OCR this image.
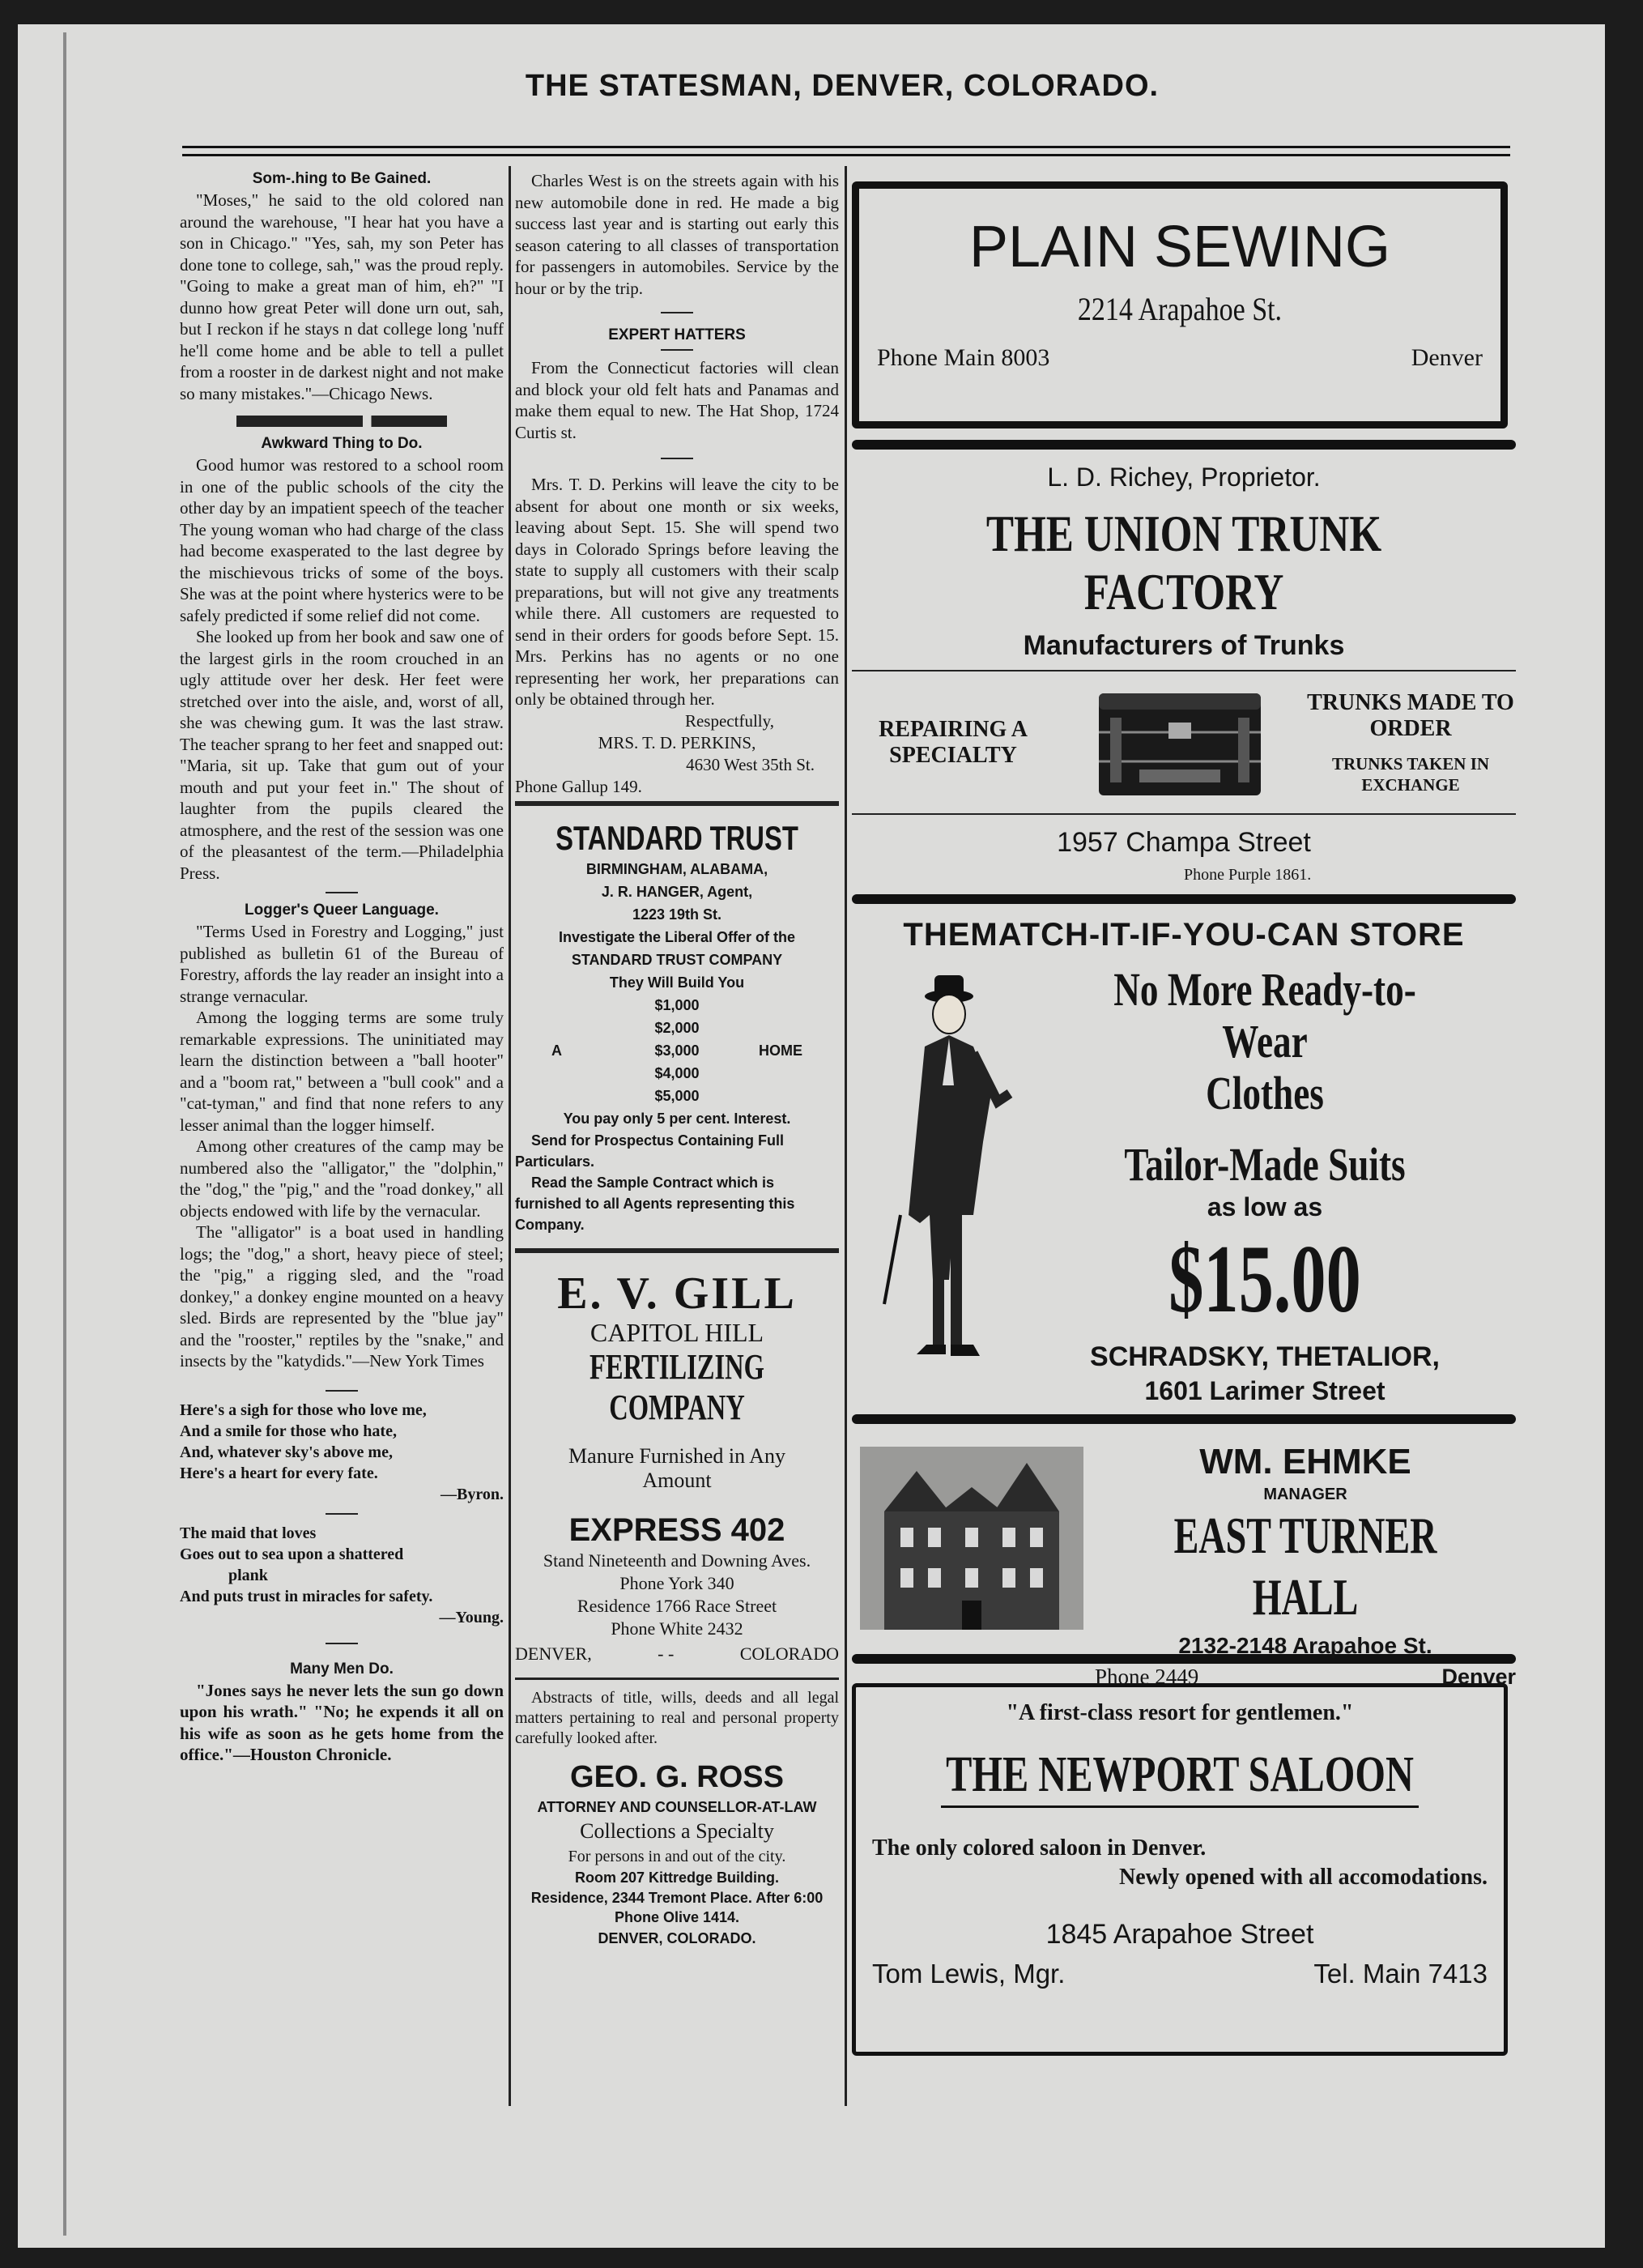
THE STATESMAN, DENVER, COLORADO.
Som-.hing to Be Gained.

"Moses," he said to the old colored nan around the warehouse, "I hear hat you have a son in Chicago." "Yes, sah, my son Peter has done tone to college, sah," was the proud reply. "Going to make a great man of him, eh?" "I dunno how great Peter will done urn out, sah, but I reckon if he stays n dat college long 'nuff he'll come home and be able to tell a pullet from a rooster in de darkest night and not make so many mistakes."—Chicago News.

Awkward Thing to Do.

Good humor was restored to a school room in one of the public schools of the city the other day by an impatient speech of the teacher The young woman who had charge of the class had become exasperated to the last degree by the mischievous tricks of some of the boys. She was at the point where hysterics were to be safely predicted if some relief did not come.

She looked up from her book and saw one of the largest girls in the room crouched in an ugly attitude over her desk. Her feet were stretched over into the aisle, and, worst of all, she was chewing gum. It was the last straw. The teacher sprang to her feet and snapped out: "Maria, sit up. Take that gum out of your mouth and put your feet in." The shout of laughter from the pupils cleared the atmosphere, and the rest of the session was one of the pleasantest of the term.—Philadelphia Press.

Logger's Queer Language.

"Terms Used in Forestry and Logging," just published as bulletin 61 of the Bureau of Forestry, affords the lay reader an insight into a strange vernacular.

Among the logging terms are some truly remarkable expressions. The uninitiated may learn the distinction between a "ball hooter" and a "boom rat," between a "bull cook" and a "cat-tyman," and find that none refers to any lesser animal than the logger himself.

Among other creatures of the camp may be numbered also the "alligator," the "dolphin," the "dog," the "pig," and the "road donkey," all objects endowed with life by the vernacular.

The "alligator" is a boat used in handling logs; the "dog," a short, heavy piece of steel; the "pig," a rigging sled, and the "road donkey," a donkey engine mounted on a heavy sled. Birds are represented by the "blue jay" and the "rooster," reptiles by the "snake," and insects by the "katydids."—New York Times

Here's a sigh for those who love me,
And a smile for those who hate,
And, whatever sky's above me,
Here's a heart for every fate.
—Byron.
The maid that loves
Goes out to sea upon a shattered
plank
And puts trust in miracles for safety.
—Young.
Many Men Do.

"Jones says he never lets the sun go down upon his wrath." "No; he expends it all on his wife as soon as he gets home from the office."—Houston Chronicle.

Charles West is on the streets again with his new automobile done in red. He made a big success last year and is starting out early this season catering to all classes of transportation for passengers in automobiles. Service by the hour or by the trip.

EXPERT HATTERS

From the Connecticut factories will clean and block your old felt hats and Panamas and make them equal to new. The Hat Shop, 1724 Curtis st.

Mrs. T. D. Perkins will leave the city to be absent for about one month or six weeks, leaving about Sept. 15. She will spend two days in Colorado Springs before leaving the state to supply all customers with their scalp preparations, but will not give any treatments while there. All customers are requested to send in their orders for goods before Sept. 15. Mrs. Perkins has no agents or no one representing her work, her preparations can only be obtained through her.

Respectfully,
MRS. T. D. PERKINS,
4630 West 35th St.
Phone Gallup 149.
STANDARD TRUST
BIRMINGHAM, ALABAMA,
J. R. HANGER, Agent,
1223 19th St.
Investigate the Liberal Offer of the
STANDARD TRUST COMPANY
They Will Build You
$1,000
$2,000
$3,000
$4,000
$5,000
A	HOME
You pay only 5 per cent. Interest.
Send for Prospectus Containing Full Particulars.
Read the Sample Contract which is furnished to all Agents representing this Company.
E. V. GILL
CAPITOL HILL
FERTILIZING COMPANY
Manure Furnished in Any Amount
EXPRESS 402
Stand Nineteenth and Downing Aves.
Phone York 340
Residence 1766 Race Street
Phone White 2432
DENVER,	- -	COLORADO

Abstracts of title, wills, deeds and all legal matters pertaining to real and personal property carefully looked after.

GEO. G. ROSS
ATTORNEY AND COUNSELLOR-AT-LAW
Collections a Specialty
For persons in and out of the city.
Room 207 Kittredge Building.
Residence, 2344 Tremont Place. After 6:00 Phone Olive 1414.
DENVER, COLORADO.
PLAIN SEWING
2214 Arapahoe St.
Phone Main 8003	Denver
L. D. Richey, Proprietor.
THE UNION TRUNK FACTORY
Manufacturers of Trunks
REPAIRING A SPECIALTY
TRUNKS MADE TO ORDER
TRUNKS TAKEN IN EXCHANGE
1957 Champa Street
Phone Purple 1861.
THEMATCH-IT-IF-YOU-CAN STORE
No More Ready-to-Wear
Clothes
Tailor-Made Suits
as low as
$15.00
SCHRADSKY, THETALIOR,
1601 Larimer Street
WM. EHMKE
MANAGER
EAST TURNER HALL
2132-2148 Arapahoe St.
Phone 2449	Denver
"A first-class resort for gentlemen."
THE NEWPORT SALOON
The only colored saloon in Denver.
Newly opened with all accomodations.
1845 Arapahoe Street
Tom Lewis, Mgr.	Tel. Main 7413
